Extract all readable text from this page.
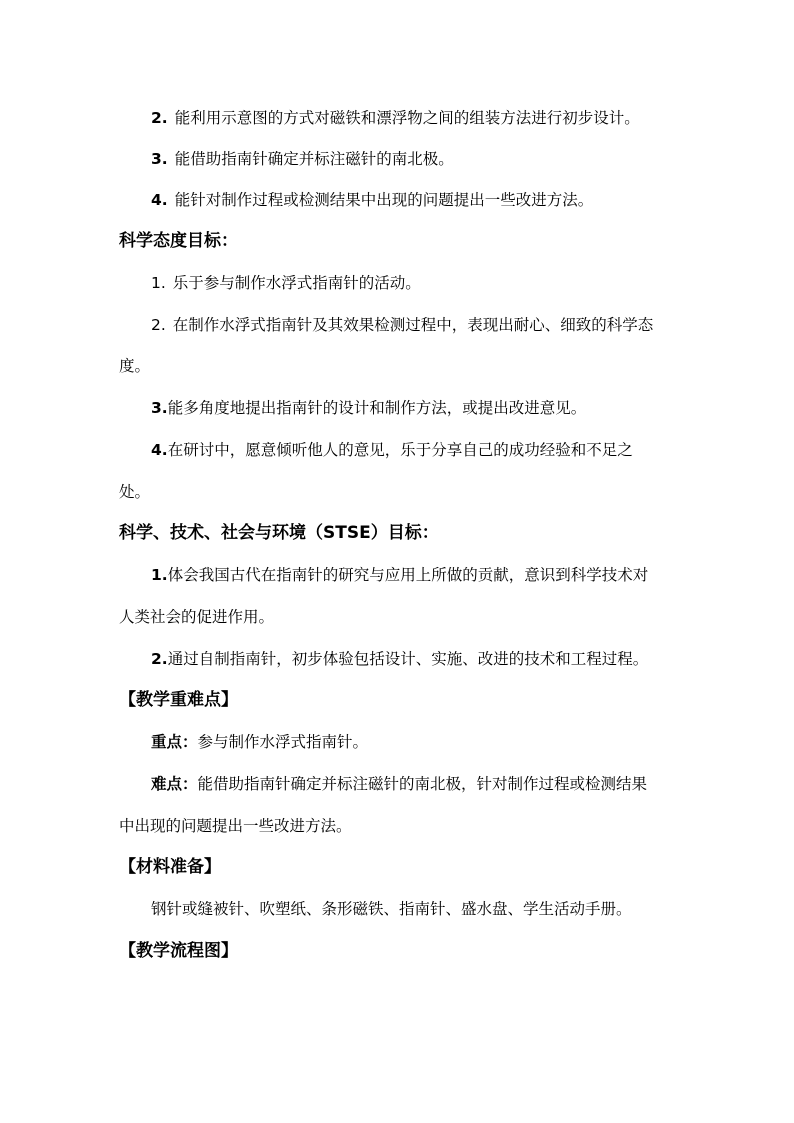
2. 能利用示意图的方式对磁铁和漂浮物之间的组装方法进行初步设计。
3. 能借助指南针确定并标注磁针的南北极。
4. 能针对制作过程或检测结果中出现的问题提出一些改进方法。
科学态度目标：
1. 乐于参与制作水浮式指南针的活动。
2. 在制作水浮式指南针及其效果检测过程中，表现出耐心、细致的科学态
度。
3.能多角度地提出指南针的设计和制作方法，或提出改进意见。
4.在研讨中，愿意倾听他人的意见，乐于分享自己的成功经验和不足之
处。
科学、技术、社会与环境（STSE）目标：
1.体会我国古代在指南针的研究与应用上所做的贡献，意识到科学技术对
人类社会的促进作用。
2.通过自制指南针，初步体验包括设计、实施、改进的技术和工程过程。
【教学重难点】
重点：参与制作水浮式指南针。
难点：能借助指南针确定并标注磁针的南北极，针对制作过程或检测结果
中出现的问题提出一些改进方法。
【材料准备】
钢针或缝被针、吹塑纸、条形磁铁、指南针、盛水盘、学生活动手册。
【教学流程图】
